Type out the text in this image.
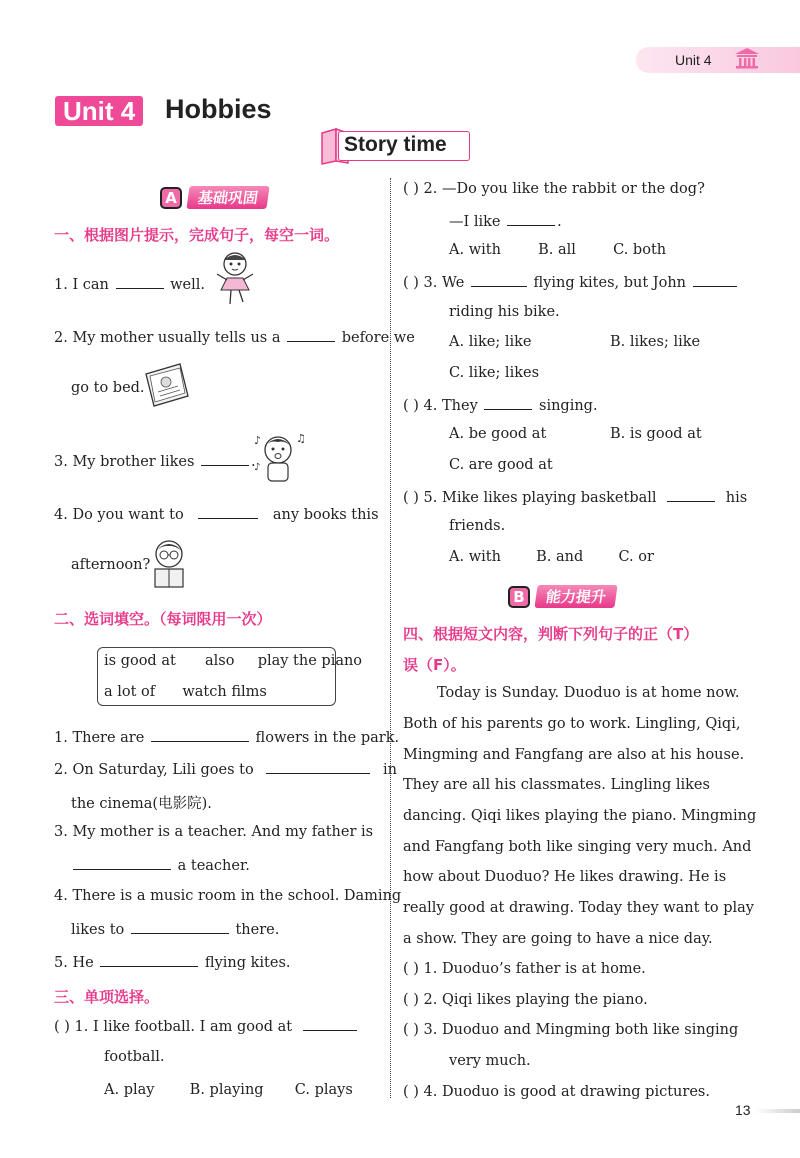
Unit 4
Unit 4 Hobbies
Story time
A	基础巩固
一、根据图片提示，完成句子，每空一词。
1. I can	well.
2. My mother usually tells us a	before we
go to bed.
3. My brother likes	.
♪	♫
♪
4. Do you want to	any books this
afternoon?
二、选词填空。（每词限用一次）
is good at also play the piano
a lot of watch films
1. There are	flowers in the park.
2. On Saturday, Lili goes to	in
the cinema(电影院).
3. My mother is a teacher. And my father is
a teacher.
4. There is a music room in the school. Daming
likes to	there.
5. He	flying kites.
三、单项选择。
( ) 1. I like football. I am good at
football.
A. play B. playing C. plays
( ) 2. —Do you like the rabbit or the dog?
—I like	.
A. with	B. all	C. both
( ) 3. We	flying kites, but John
riding his bike.
A. like; like	B. likes; like
C. like; likes
( ) 4. They	singing.
A. be good at	B. is good at
C. are good at
( ) 5. Mike likes playing basketball	his
friends.
A. with B. and C. or
B	能力提升
四、根据短文内容，判断下列句子的正（T）
误（F）。
Today is Sunday. Duoduo is at home now.
Both of his parents go to work. Lingling, Qiqi,
Mingming and Fangfang are also at his house.
They are all his classmates. Lingling likes
dancing. Qiqi likes playing the piano. Mingming
and Fangfang both like singing very much. And
how about Duoduo? He likes drawing. He is
really good at drawing. Today they want to play
a show. They are going to have a nice day.
( ) 1. Duoduo’s father is at home.
( ) 2. Qiqi likes playing the piano.
( ) 3. Duoduo and Mingming both like singing
very much.
( ) 4. Duoduo is good at drawing pictures.
13
